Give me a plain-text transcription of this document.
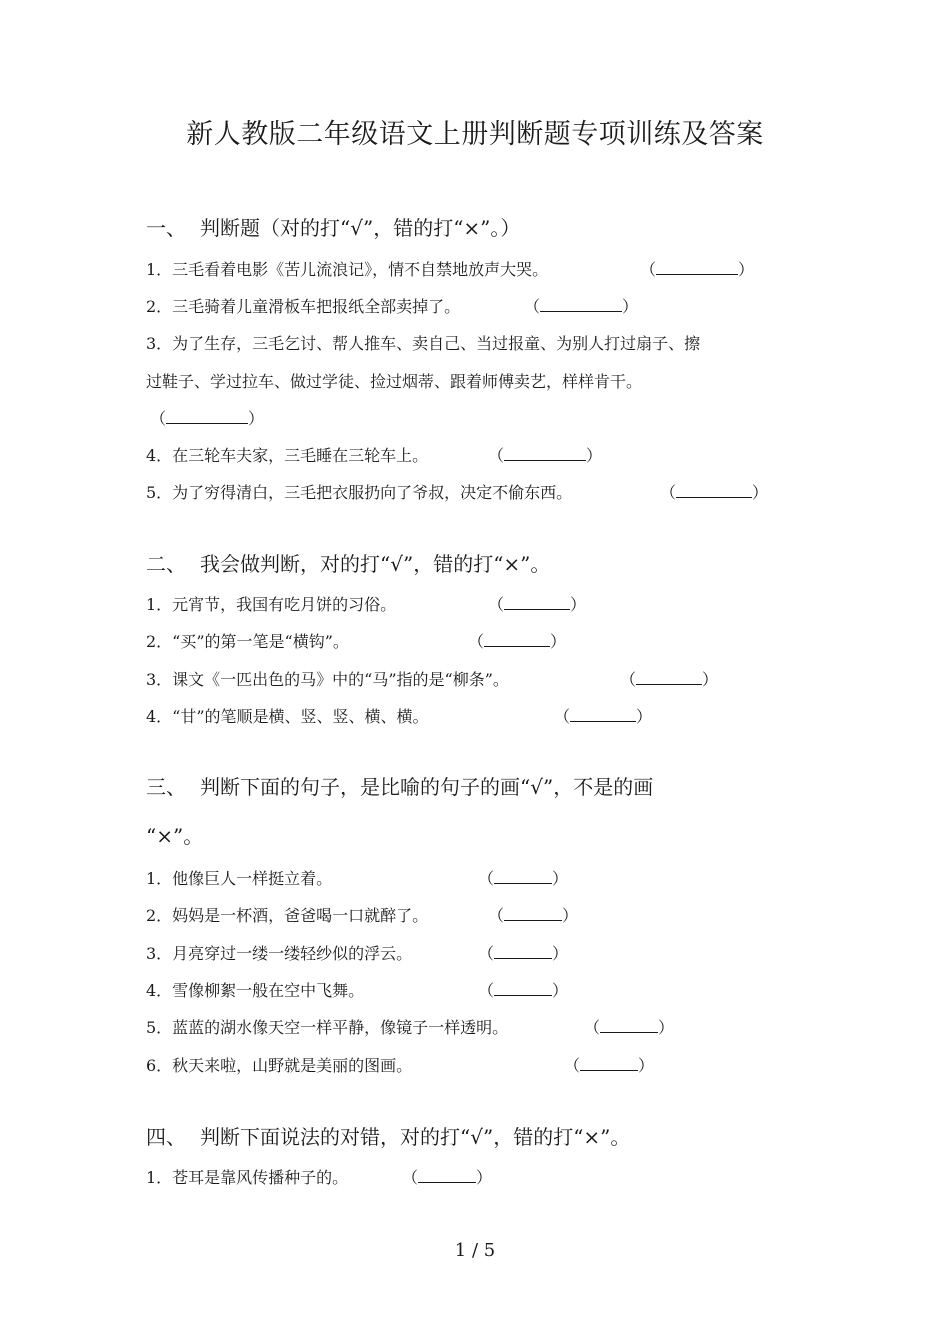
新人教版二年级语文上册判断题专项训练及答案
一、 判断题（对的打“√”，错的打“×”。）
1．三毛看着电影《苦儿流浪记》，情不自禁地放声大哭。	（	）
2．三毛骑着儿童滑板车把报纸全部卖掉了。	（	）
3．为了生存，三毛乞讨、帮人推车、卖自己、当过报童、为别人打过扇子、擦
过鞋子、学过拉车、做过学徒、捡过烟蒂、跟着师傅卖艺，样样肯干。
（	）
4．在三轮车夫家，三毛睡在三轮车上。	（	）
5．为了穷得清白，三毛把衣服扔向了爷叔，决定不偷东西。	（	）
二、 我会做判断，对的打“√”，错的打“×”。
1．元宵节，我国有吃月饼的习俗。	（	）
2．“买”的第一笔是“横钩”。	（	）
3．课文《一匹出色的马》中的“马”指的是“柳条”。	（	）
4．“甘”的笔顺是横、竖、竖、横、横。	（	）
三、 判断下面的句子，是比喻的句子的画“√”，不是的画
“×”。
1．他像巨人一样挺立着。	（	）
2．妈妈是一杯酒，爸爸喝一口就醉了。	（	）
3．月亮穿过一缕一缕轻纱似的浮云。	（	）
4．雪像柳絮一般在空中飞舞。	（	）
5．蓝蓝的湖水像天空一样平静，像镜子一样透明。	（	）
6．秋天来啦，山野就是美丽的图画。	（	）
四、 判断下面说法的对错，对的打“√”，错的打“×”。
1．苍耳是靠风传播种子的。	（	）
1 / 5
